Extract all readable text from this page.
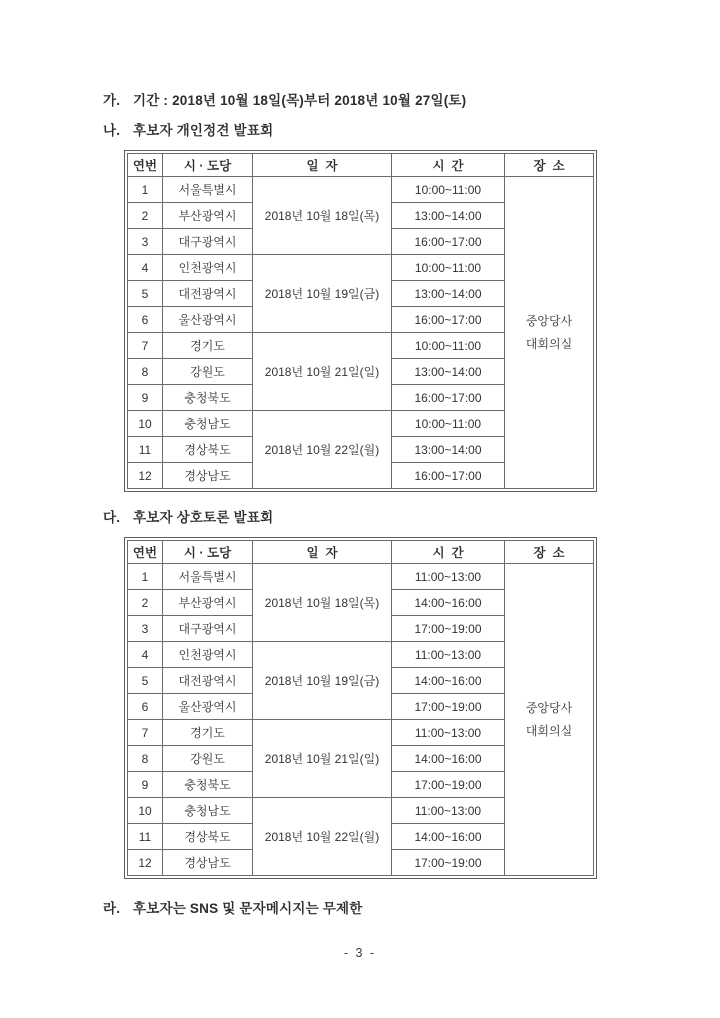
가. 기간 : 2018년 10월 18일(목)부터 2018년 10월 27일(토)
나. 후보자 개인정견 발표회
연번	시 · 도당	일  자	시  간	장  소
1	서울특별시	2018년 10월 18일(목)	10:00~11:00	중앙당사
대회의실

2	부산광역시		13:00~14:00	
3	대구광역시		16:00~17:00	
4	인천광역시	2018년 10월 19일(금)	10:00~11:00	
5	대전광역시		13:00~14:00	
6	울산광역시		16:00~17:00	
7	경기도	2018년 10월 21일(일)	10:00~11:00	
8	강원도		13:00~14:00	
9	충청북도		16:00~17:00	
10	충청남도	2018년 10월 22일(월)	10:00~11:00	
11	경상북도		13:00~14:00	
12	경상남도		16:00~17:00	
다. 후보자 상호토론 발표회
연번	시 · 도당	일  자	시  간	장  소
1	서울특별시	2018년 10월 18일(목)	11:00~13:00	중앙당사
대회의실

2	부산광역시		14:00~16:00	
3	대구광역시		17:00~19:00	
4	인천광역시	2018년 10월 19일(금)	11:00~13:00	
5	대전광역시		14:00~16:00	
6	울산광역시		17:00~19:00	
7	경기도	2018년 10월 21일(일)	11:00~13:00	
8	강원도		14:00~16:00	
9	충청북도		17:00~19:00	
10	충청남도	2018년 10월 22일(월)	11:00~13:00	
11	경상북도		14:00~16:00	
12	경상남도		17:00~19:00	
라. 후보자는 SNS 및 문자메시지는 무제한
- 3 -
